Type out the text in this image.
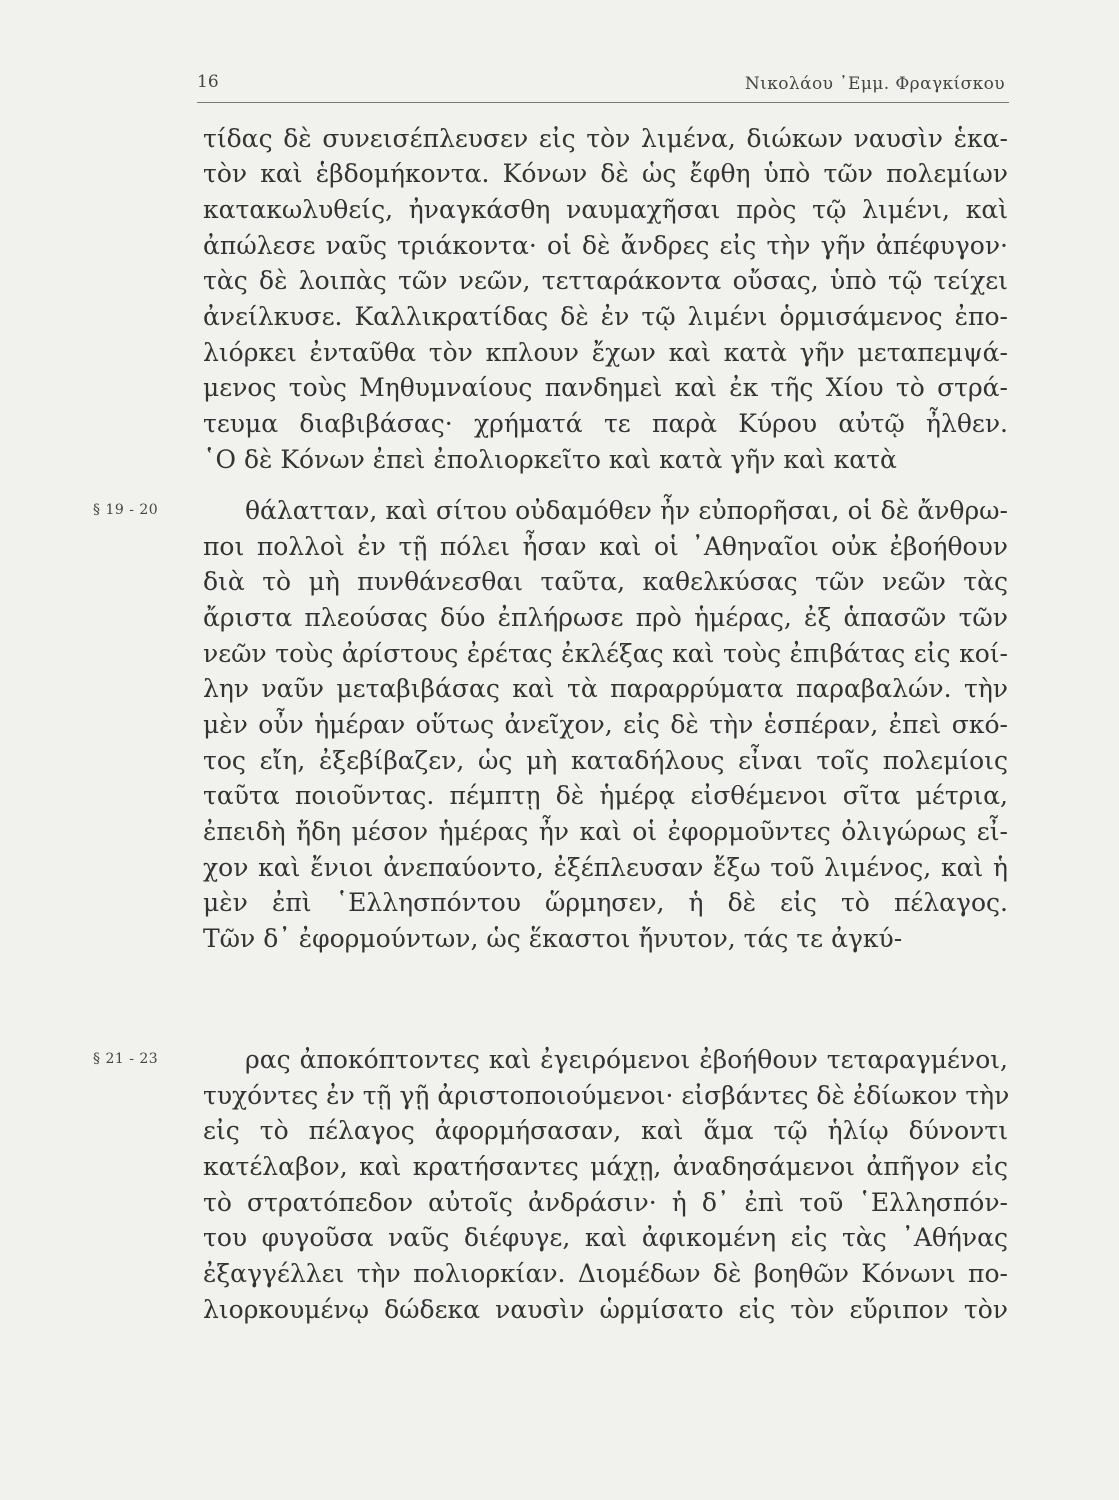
16	Νικολάου ᾿Εμμ. Φραγκίσκου
§ 19 - 20
§ 21 - 23
τίδας δὲ συνεισέπλευσεν εἰς τὸν λιμένα, διώκων ναυσὶν ἑκα-
τὸν καὶ ἑβδομήκοντα. Κόνων δὲ ὡς ἔφθη ὑπὸ τῶν πολεμίων
κατακωλυθείς, ἠναγκάσθη ναυμαχῆσαι πρὸς τῷ λιμένι, καὶ
ἀπώλεσε ναῦς τριάκοντα· οἱ δὲ ἄνδρες εἰς τὴν γῆν ἀπέφυγον·
τὰς δὲ λοιπὰς τῶν νεῶν, τετταράκοντα οὔσας, ὑπὸ τῷ τείχει
ἀνείλκυσε. Καλλικρατίδας δὲ ἐν τῷ λιμένι ὁρμισάμενος ἐπο-
λιόρκει ἐνταῦθα τὸν κπλουν ἔχων καὶ κατὰ γῆν μεταπεμψά-
μενος τοὺς Μηθυμναίους πανδημεὶ καὶ ἐκ τῆς Χίου τὸ στρά-
τευμα διαβιβάσας· χρήματά τε παρὰ Κύρου αὐτῷ ἦλθεν.
῾Ο δὲ Κόνων ἐπεὶ ἐπολιορκεῖτο καὶ κατὰ γῆν καὶ κατὰ
θάλατταν, καὶ σίτου οὐδαμόθεν ἦν εὐπορῆσαι, οἱ δὲ ἄνθρω-
ποι πολλοὶ ἐν τῇ πόλει ἦσαν καὶ οἱ ᾿Αθηναῖοι οὐκ ἐβοήθουν
διὰ τὸ μὴ πυνθάνεσθαι ταῦτα, καθελκύσας τῶν νεῶν τὰς
ἄριστα πλεούσας δύο ἐπλήρωσε πρὸ ἡμέρας, ἐξ ἁπασῶν τῶν
νεῶν τοὺς ἀρίστους ἐρέτας ἐκλέξας καὶ τοὺς ἐπιβάτας εἰς κοί-
λην ναῦν μεταβιβάσας καὶ τὰ παραρρύματα παραβαλών. τὴν
μὲν οὖν ἡμέραν οὕτως ἀνεῖχον, εἰς δὲ τὴν ἑσπέραν, ἐπεὶ σκό-
τος εἴη, ἐξεβίβαζεν, ὡς μὴ καταδήλους εἶναι τοῖς πολεμίοις
ταῦτα ποιοῦντας. πέμπτῃ δὲ ἡμέρᾳ εἰσθέμενοι σῖτα μέτρια,
ἐπειδὴ ἤδη μέσον ἡμέρας ἦν καὶ οἱ ἐφορμοῦντες ὀλιγώρως εἶ-
χον καὶ ἔνιοι ἀνεπαύοντο, ἐξέπλευσαν ἔξω τοῦ λιμένος, καὶ ἡ
μὲν ἐπὶ ῾Ελλησπόντου ὥρμησεν, ἡ δὲ εἰς τὸ πέλαγος.
Τῶν δ᾿ ἐφορμούντων, ὡς ἕκαστοι ἤνυτον, τάς τε ἀγκύ-
ρας ἀποκόπτοντες καὶ ἐγειρόμενοι ἐβοήθουν τεταραγμένοι,
τυχόντες ἐν τῇ γῇ ἀριστοποιούμενοι· εἰσβάντες δὲ ἐδίωκον τὴν
εἰς τὸ πέλαγος ἀφορμήσασαν, καὶ ἅμα τῷ ἡλίῳ δύνοντι
κατέλαβον, καὶ κρατήσαντες μάχῃ, ἀναδησάμενοι ἀπῆγον εἰς
τὸ στρατόπεδον αὐτοῖς ἀνδράσιν· ἡ δ᾿ ἐπὶ τοῦ ῾Ελλησπόν-
του φυγοῦσα ναῦς διέφυγε, καὶ ἀφικομένη εἰς τὰς ᾿Αθήνας
ἐξαγγέλλει τὴν πολιορκίαν. Διομέδων δὲ βοηθῶν Κόνωνι πο-
λιορκουμένῳ δώδεκα ναυσὶν ὡρμίσατο εἰς τὸν εὔριπον τὸν
